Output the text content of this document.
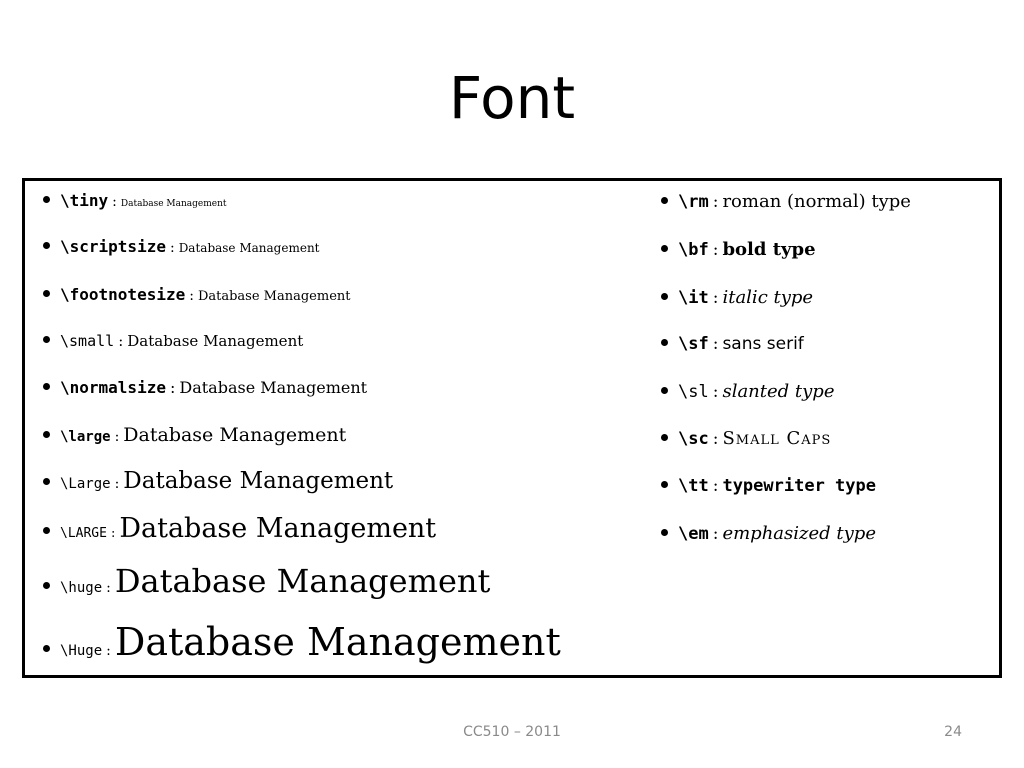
Font
\tiny : Database Management
\scriptsize : Database Management
\footnotesize : Database Management
\small : Database Management
\normalsize : Database Management
\large : Database Management
\Large : Database Management
\LARGE : Database Management
\huge : Database Management
\Huge : Database Management
\rm : roman (normal) type
\bf : bold type
\it : italic type
\sf : sans serif
\sl : slanted type
\sc : Small Caps
\tt : typewriter type
\em : emphasized type
CC510 – 2011	24
